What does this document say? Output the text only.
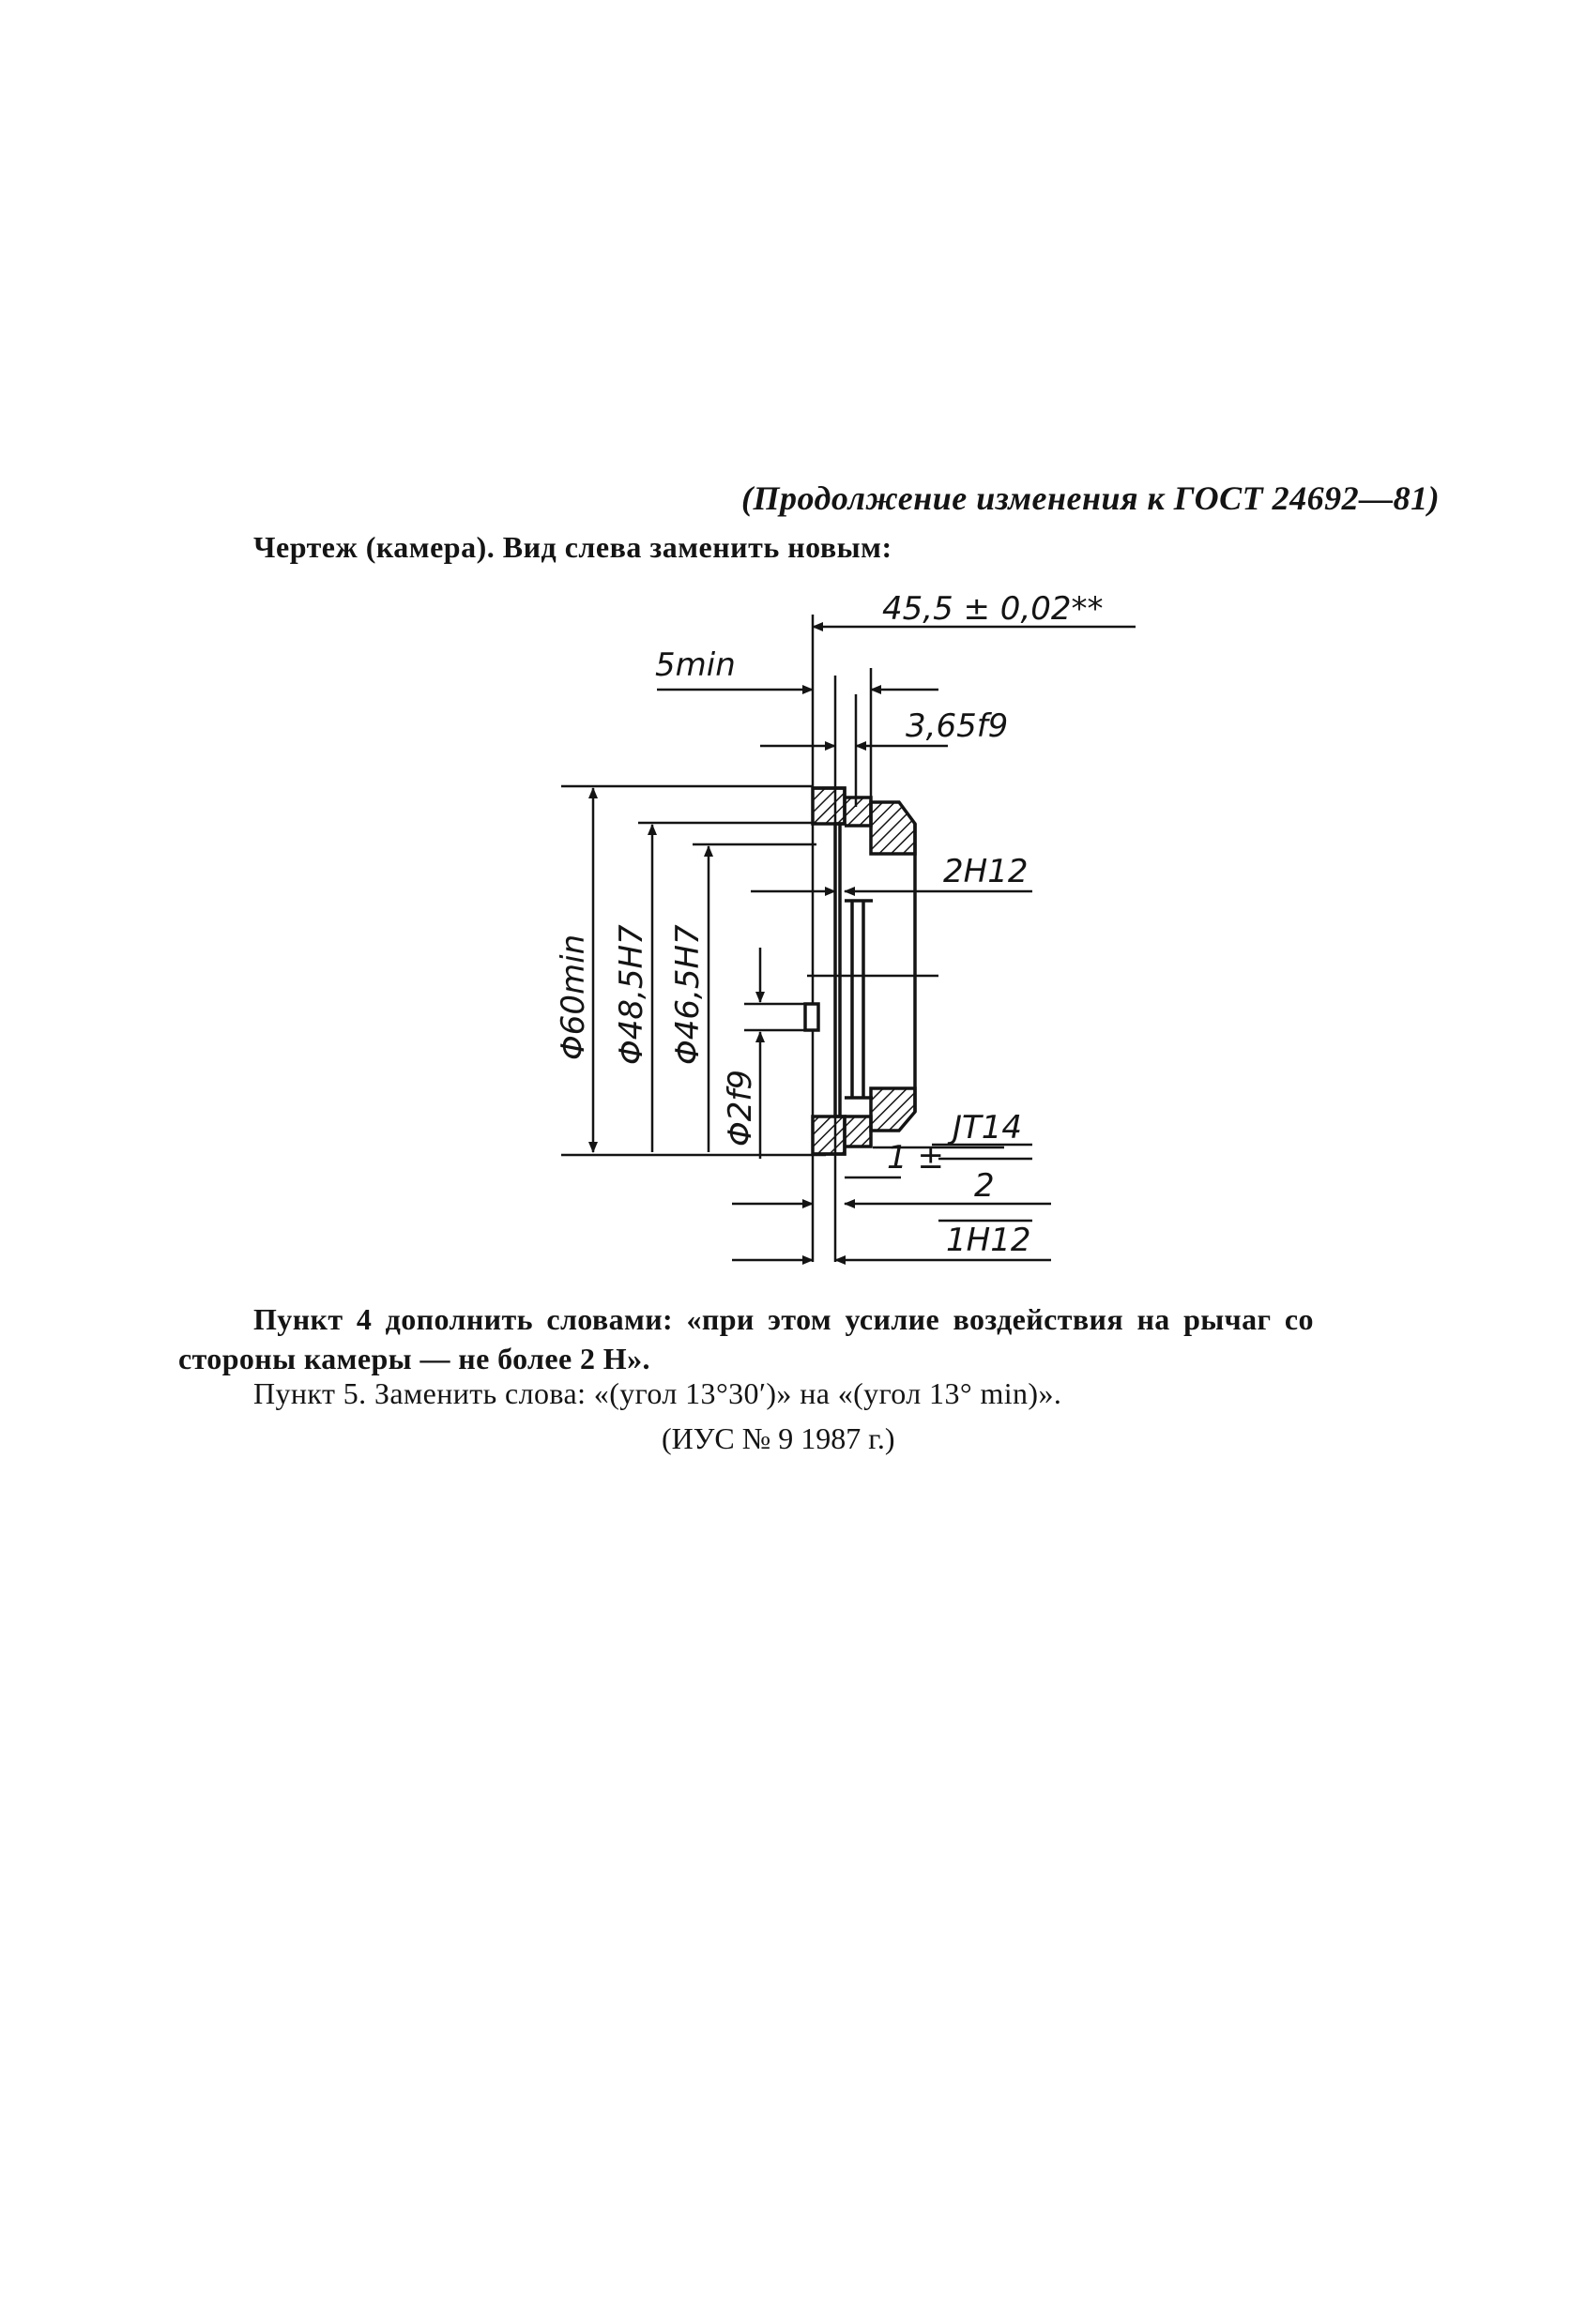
(Продолжение изменения к ГОСТ 24692—81)
Чертеж (камера). Вид слева заменить новым:
45,5 ± 0,02**
5min
3,65f9
2H12
Φ60min Φ48,5H7 Φ46,5H7
Φ2f9
1 ±
JT14
2
1H12
Пункт 4 дополнить словами: «при этом усилие воздействия на рычаг со
стороны камеры — не более 2 Н».
Пункт 5. Заменить слова: «(угол 13°30′)» на «(угол 13° min)».
(ИУС № 9 1987 г.)
